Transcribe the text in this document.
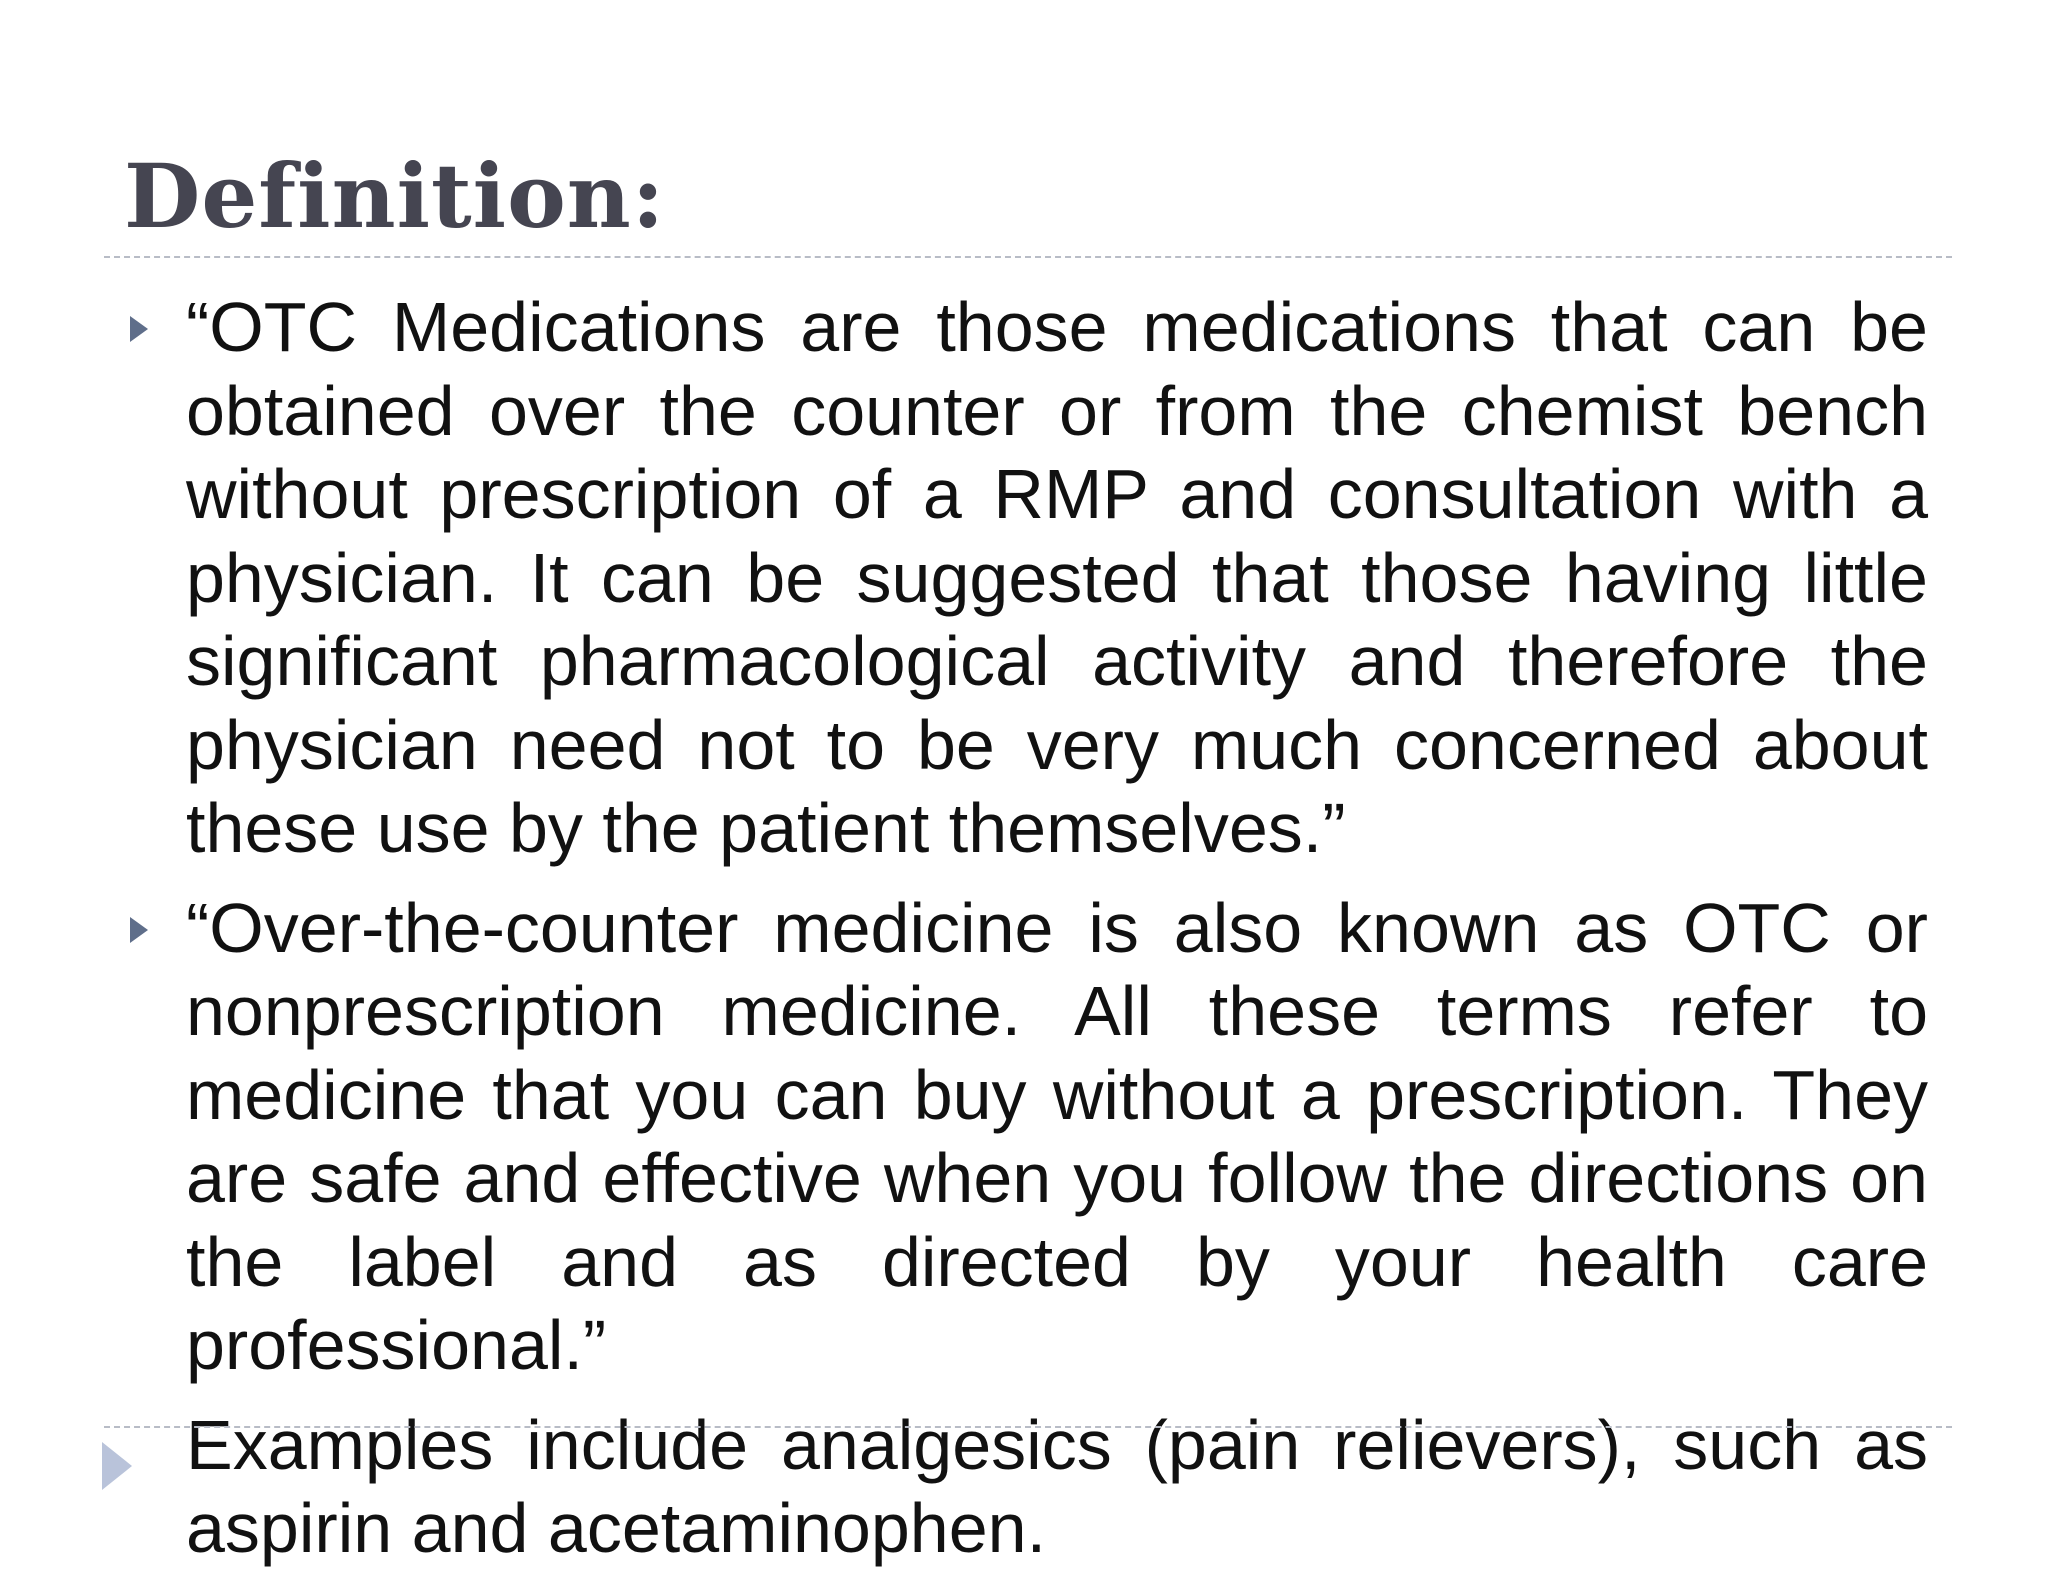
Definition:
“OTC Medications are those medications that can be obtained over the counter or from the chemist bench without prescription of a RMP and consultation with a physician. It can be suggested that those having little significant pharmacological activity and therefore the physician need not to be very much concerned about these use by the patient themselves.”
“Over-the-counter medicine is also known as OTC or nonprescription medicine. All these terms refer to medicine that you can buy without a prescription. They are safe and effective when you follow the directions on the label and as directed by your health care professional.”
Examples include analgesics (pain relievers), such as aspirin and acetaminophen.
